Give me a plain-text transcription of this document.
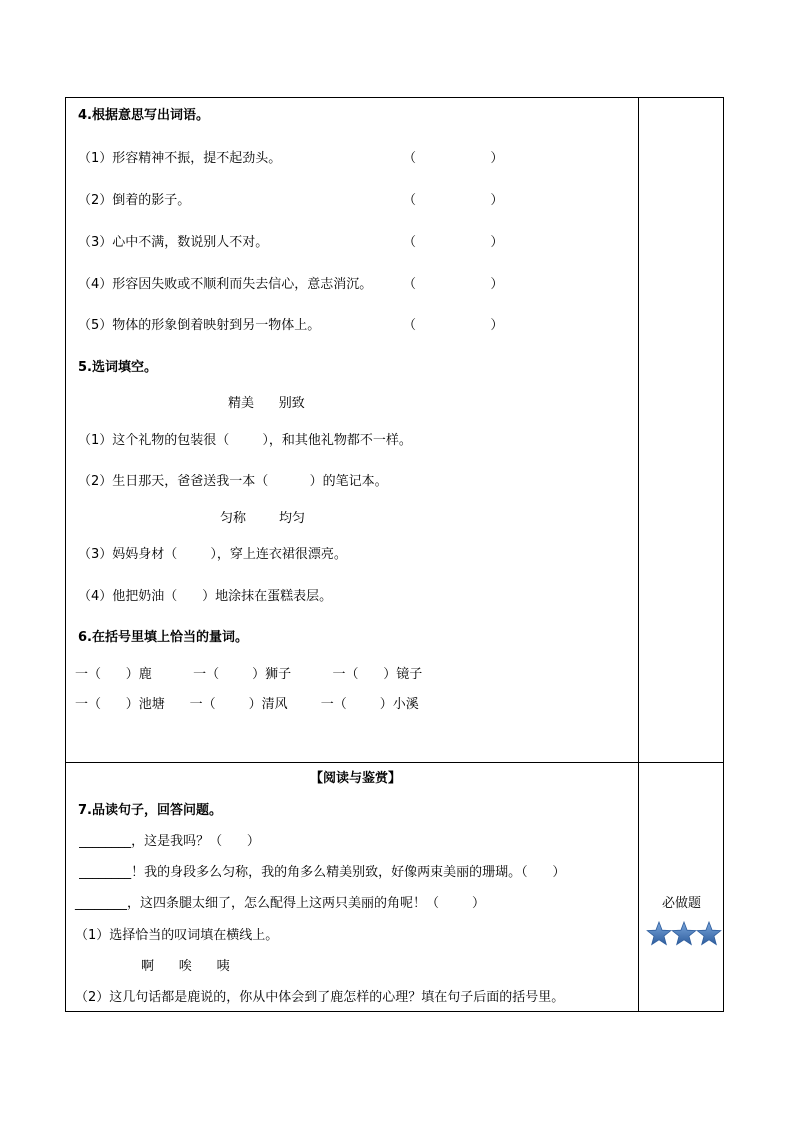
4.根据意思写出词语。
（1）形容精神不振，提不起劲头。	（                  ）
（2）倒着的影子。	（                  ）
（3）心中不满，数说别人不对。	（                  ）
（4）形容因失败或不顺利而失去信心，意志消沉。 （                  ）
（5）物体的形象倒着映射到另一物体上。	（                  ）
5.选词填空。
精美      别致
（1）这个礼物的包装很（        ），和其他礼物都不一样。
（2）生日那天，爸爸送我一本（          ）的笔记本。
匀称        均匀
（3）妈妈身材（        ），穿上连衣裙很漂亮。
（4）他把奶油（      ）地涂抹在蛋糕表层。
6.在括号里填上恰当的量词。
一（      ）鹿          一（        ）狮子          一（      ）镜子
一（      ）池塘      一（        ）清风        一（        ）小溪
【阅读与鉴赏】
7.品读句子，回答问题。
________，这是我吗？（      ）
________！我的身段多么匀称，我的角多么精美别致，好像两束美丽的珊瑚。（      ）
________，这四条腿太细了，怎么配得上这两只美丽的角呢！（        ）
（1）选择恰当的叹词填在横线上。
啊      唉      咦
（2）这几句话都是鹿说的，你从中体会到了鹿怎样的心理？填在句子后面的括号里。
必做题
